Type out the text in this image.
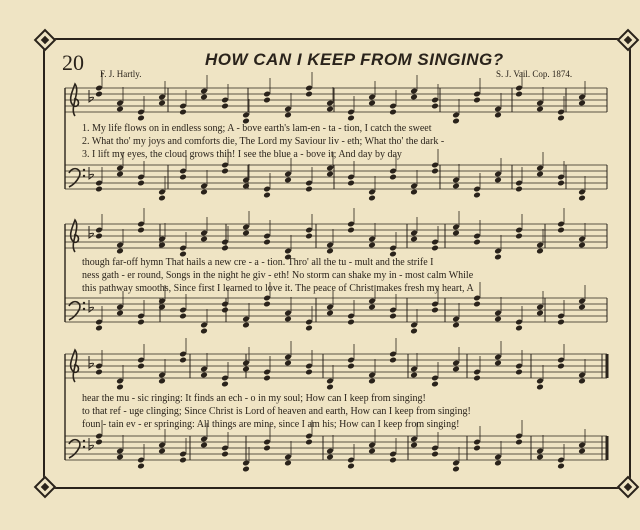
20	HOW CAN I KEEP FROM SINGING?
F. J. Hartly.	S. J. Vail. Cop. 1874.
1. My life flows on in endless song; A - bove earth's lam-en - ta - tion, I catch the sweet
2. What tho' my joys and comforts die, The Lord my Saviour liv - eth; What tho' the dark -
3. I lift my eyes, the cloud grows thin! I see the blue a - bove it; And day by day
though far-off hymn That hails a new cre - a - tion. Thro' all the tu - mult and the strife I
ness gath - er round, Songs in the night he giv - eth! No storm can shake my in - most calm While
this pathway smooths, Since first I learned to love it. The peace of Christ makes fresh my heart, A
hear the mu - sic ringing: It finds an ech - o in my soul; How can I keep from singing!
to that ref - uge clinging; Since Christ is Lord of heaven and earth, How can I keep from singing!
foun - tain ev - er springing: All things are mine, since I am his; How can I keep from singing!
